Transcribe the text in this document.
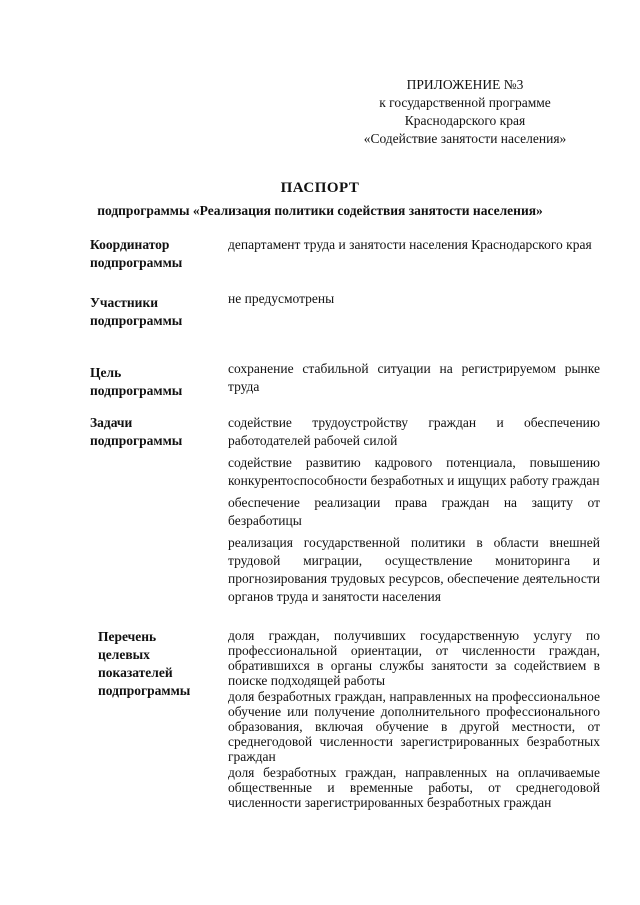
ПРИЛОЖЕНИЕ №3
к государственной программе
Краснодарского края
«Содействие занятости населения»
ПАСПОРТ
подпрограммы «Реализация политики содействия занятости населения»
Координатор
подпрограммы

департамент труда и занятости населения Краснодарского края

Участники
подпрограммы

не предусмотрены

Цель
подпрограммы

сохранение стабильной ситуации на регистрируемом рынке труда

Задачи
подпрограммы

содействие трудоустройству граждан и обеспечению работодателей рабочей силой

содействие развитию кадрового потенциала, повышению конкурентоспособности безработных и ищущих работу граждан

обеспечение реализации права граждан на защиту от безработицы

реализация государственной политики в области внешней трудовой миграции, осуществление мониторинга и прогнозирования трудовых ресурсов, обеспечение деятельности органов труда и занятости населения

Перечень
целевых
показателей
подпрограммы

доля граждан, получивших государственную услугу по профессиональной ориентации, от численности граждан, обратившихся в органы службы занятости за содействием в поиске подходящей работы

доля безработных граждан, направленных на профессиональное обучение или получение дополнительного профессионального образования, включая обучение в другой местности, от среднегодовой численности зарегистрированных безработных граждан

доля безработных граждан, направленных на оплачиваемые общественные и временные работы, от среднегодовой численности зарегистрированных безработных граждан
